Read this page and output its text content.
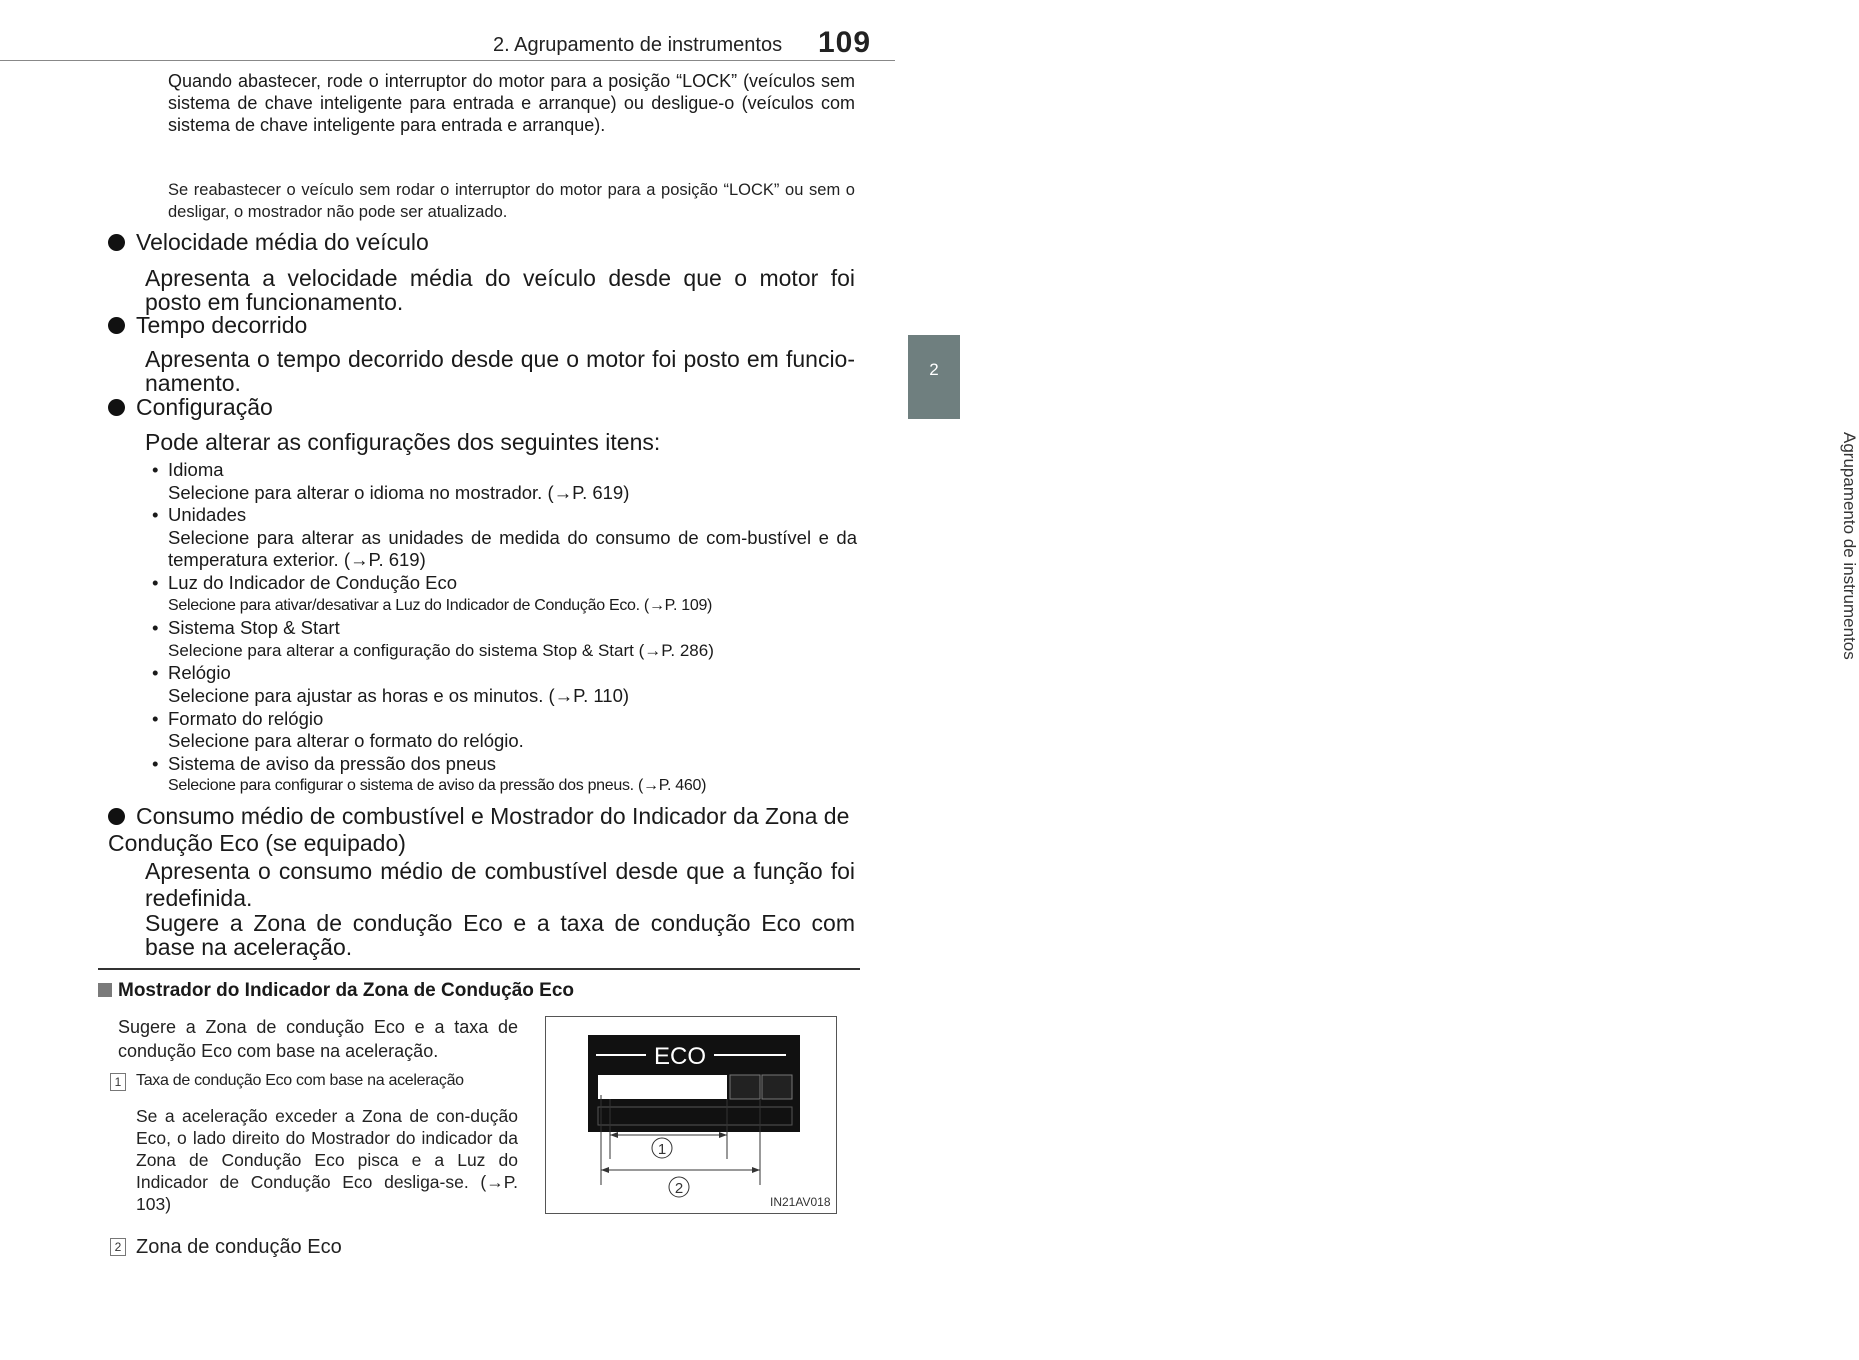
2. Agrupamento de instrumentos 109
2
Agrupamento de instrumentos
Quando abastecer, rode o interruptor do motor para a posição “LOCK” (veículos sem sistema de chave inteligente para entrada e arranque) ou desligue-o (veículos com sistema de chave inteligente para entrada e arranque).
Se reabastecer o veículo sem rodar o interruptor do motor para a posição “LOCK” ou sem o desligar, o mostrador não pode ser atualizado.
Velocidade média do veículo
Apresenta a velocidade média do veículo desde que o motor foi posto em funcionamento.
Tempo decorrido
Apresenta o tempo decorrido desde que o motor foi posto em funcio-namento.
Configuração
Pode alterar as configurações dos seguintes itens:
• Idioma
Selecione para alterar o idioma no mostrador. (→P. 619)
• Unidades
Selecione para alterar as unidades de medida do consumo de com-bustível e da temperatura exterior. (→P. 619)
• Luz do Indicador de Condução Eco
Selecione para ativar/desativar a Luz do Indicador de Condução Eco. (→P. 109)
• Sistema Stop & Start
Selecione para alterar a configuração do sistema Stop & Start (→P. 286)
• Relógio
Selecione para ajustar as horas e os minutos. (→P. 110)
• Formato do relógio
Selecione para alterar o formato do relógio.
• Sistema de aviso da pressão dos pneus
Selecione para configurar o sistema de aviso da pressão dos pneus. (→P. 460)
Consumo médio de combustível e Mostrador do Indicador da Zona de Condução Eco (se equipado)
Apresenta o consumo médio de combustível desde que a função foi redefinida.
Sugere a Zona de condução Eco e a taxa de condução Eco com base na aceleração.
Mostrador do Indicador da Zona de Condução Eco
Sugere a Zona de condução Eco e a taxa de condução Eco com base na aceleração.
1 Taxa de condução Eco com base na aceleração
Se a aceleração exceder a Zona de con-dução Eco, o lado direito do Mostrador do indicador da Zona de Condução Eco pisca e a Luz do Indicador de Condução Eco desliga-se. (→P. 103)
2 Zona de condução Eco
ECO
1
2
IN21AV018
